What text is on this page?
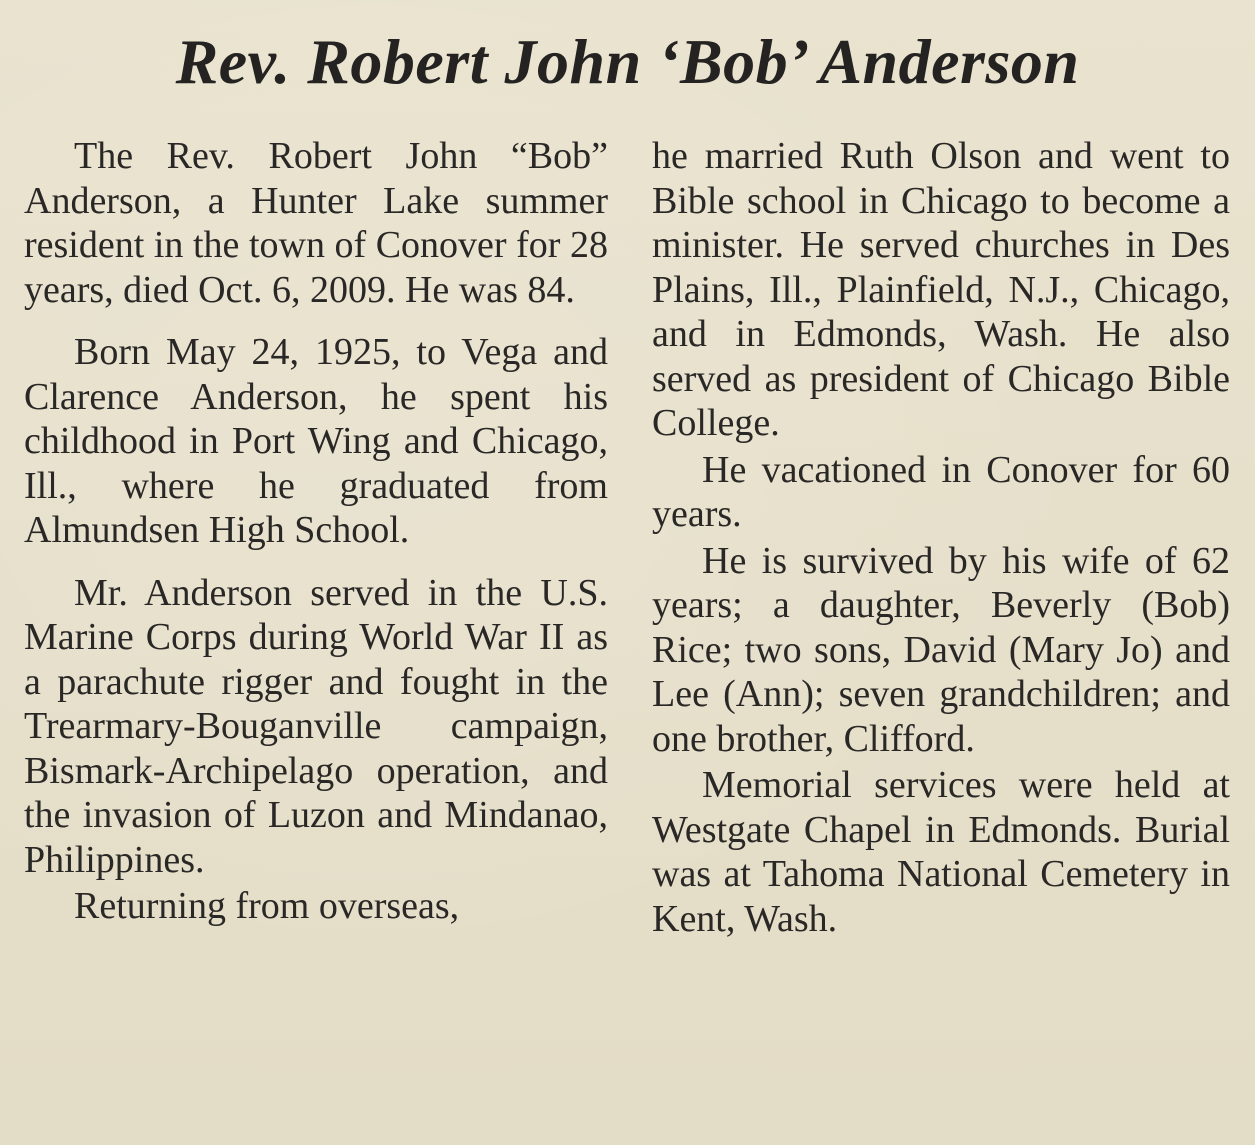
Rev. Robert John ‘Bob’ Anderson

The Rev. Robert John “Bob” Anderson, a Hunter Lake summer resident in the town of Conover for 28 years, died Oct. 6, 2009. He was 84.

Born May 24, 1925, to Vega and Clarence Anderson, he spent his childhood in Port Wing and Chicago, Ill., where he graduated from Almundsen High School.

Mr. Anderson served in the U.S. Marine Corps during World War II as a parachute rigger and fought in the Trearmary-Bouganville campaign, Bismark-Archipelago operation, and the invasion of Luzon and Mindanao, Philippines.

Returning from overseas,

he married Ruth Olson and went to Bible school in Chicago to become a minister. He served churches in Des Plains, Ill., Plainfield, N.J., Chicago, and in Edmonds, Wash. He also served as president of Chicago Bible College.

He vacationed in Conover for 60 years.

He is survived by his wife of 62 years; a daughter, Beverly (Bob) Rice; two sons, David (Mary Jo) and Lee (Ann); seven grandchildren; and one brother, Clifford.

Memorial services were held at Westgate Chapel in Edmonds. Burial was at Tahoma National Cemetery in Kent, Wash.
